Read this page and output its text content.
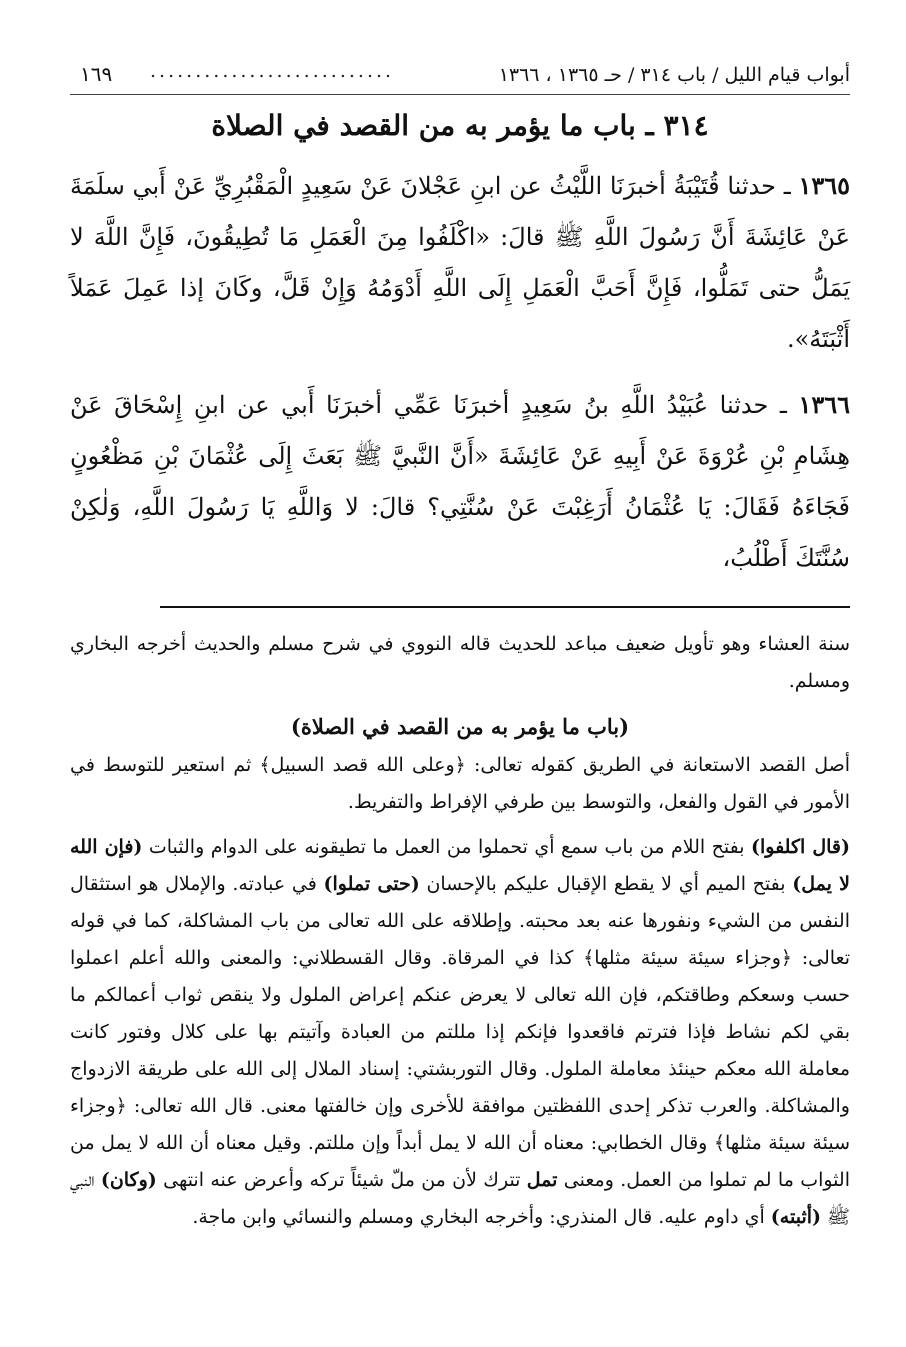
أبواب قيام الليل / باب ٣١٤ / حـ ١٣٦٥ ، ١٣٦٦
...........................
١٦٩
٣١٤ ـ باب ما يؤمر به من القصد في الصلاة

١٣٦٥ ـ حدثنا قُتَيْبَةُ أخبرَنَا اللَّيْثُ عن ابنِ عَجْلانَ عَنْ سَعِيدٍ الْمَقْبُرِيِّ عَنْ أَبي سلَمَةَ عَنْ عَائِشَةَ أَنَّ رَسُولَ اللَّهِ ﷺ قالَ: «اكْلَفُوا مِنَ الْعَمَلِ مَا تُطِيقُونَ، فَإِنَّ اللَّهَ لا يَمَلُّ حتى تَمَلُّوا، فَإِنَّ أَحَبَّ الْعَمَلِ إِلَى اللَّهِ أَدْوَمُهُ وَإِنْ قَلَّ، وكَانَ إذا عَمِلَ عَمَلاً أَثْبَتَهُ».

١٣٦٦ ـ حدثنا عُبَيْدُ اللَّهِ بنُ سَعِيدٍ أخبرَنَا عَمِّي أخبرَنَا أَبي عن ابنِ إِسْحَاقَ عَنْ هِشَامِ بْنِ عُرْوَةَ عَنْ أَبِيهِ عَنْ عَائِشَةَ «أَنَّ النَّبيَّ ﷺ بَعَثَ إِلَى عُثْمَانَ بْنِ مَظْعُونٍ فَجَاءَهُ فَقَالَ: يَا عُثْمَانُ أَرَغِبْتَ عَنْ سُنَّتِي؟ قالَ: لا وَاللَّهِ يَا رَسُولَ اللَّهِ، وَلٰكِنْ سُنَّتَكَ أَطْلُبُ،

سنة العشاء وهو تأويل ضعيف مباعد للحديث قاله النووي في شرح مسلم والحديث أخرجه البخاري ومسلم.

(باب ما يؤمر به من القصد في الصلاة)

أصل القصد الاستعانة في الطريق كقوله تعالى: ﴿وعلى الله قصد السبيل﴾ ثم استعير للتوسط في الأمور في القول والفعل، والتوسط بين طرفي الإفراط والتفريط.

(قال اكلفوا) بفتح اللام من باب سمع أي تحملوا من العمل ما تطيقونه على الدوام والثبات (فإن الله لا يمل) بفتح الميم أي لا يقطع الإقبال عليكم بالإحسان (حتى تملوا) في عبادته. والإملال هو استثقال النفس من الشيء ونفورها عنه بعد محبته. وإطلاقه على الله تعالى من باب المشاكلة، كما في قوله تعالى: ﴿وجزاء سيئة سيئة مثلها﴾ كذا في المرقاة. وقال القسطلاني: والمعنى والله أعلم اعملوا حسب وسعكم وطاقتكم، فإن الله تعالى لا يعرض عنكم إعراض الملول ولا ينقص ثواب أعمالكم ما بقي لكم نشاط فإذا فترتم فاقعدوا فإنكم إذا مللتم من العبادة وآتيتم بها على كلال وفتور كانت معاملة الله معكم حينئذ معاملة الملول. وقال التوربشتي: إسناد الملال إلى الله على طريقة الازدواج والمشاكلة. والعرب تذكر إحدى اللفظتين موافقة للأخرى وإن خالفتها معنى. قال الله تعالى: ﴿وجزاء سيئة سيئة مثلها﴾ وقال الخطابي: معناه أن الله لا يمل أبداً وإن مللتم. وقيل معناه أن الله لا يمل من الثواب ما لم تملوا من العمل. ومعنى تمل تترك لأن من ملّ شيئاً تركه وأعرض عنه انتهى (وكان) النبي ﷺ (أثبته) أي داوم عليه. قال المنذري: وأخرجه البخاري ومسلم والنسائي وابن ماجة.
